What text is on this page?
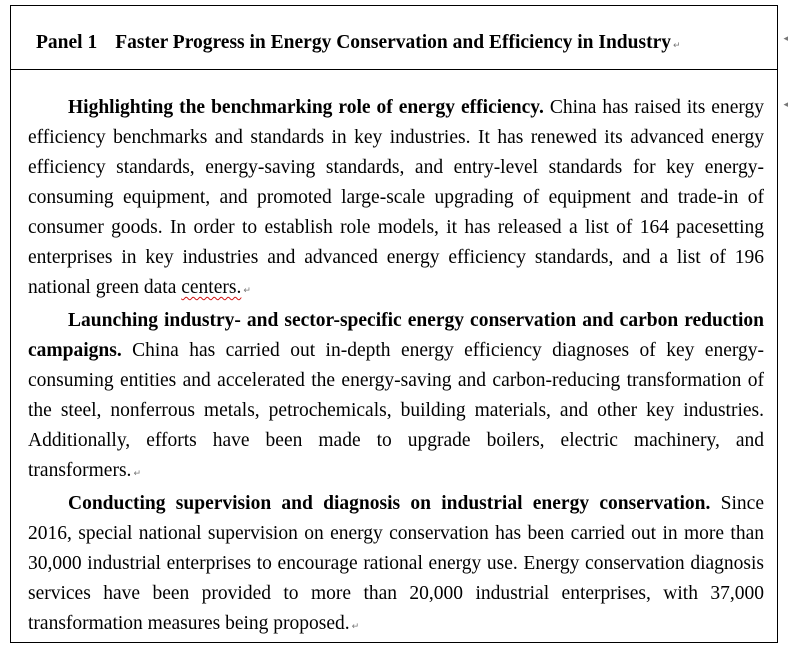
Panel 1 Faster Progress in Energy Conservation and Efficiency in Industry ↵

Highlighting the benchmarking role of energy efficiency. China has raised its energy efficiency benchmarks and standards in key industries. It has renewed its advanced energy efficiency standards, energy-saving standards, and entry-level standards for key energy-consuming equipment, and promoted large-scale upgrading of equipment and trade-in of consumer goods. In order to establish role models, it has released a list of 164 pacesetting enterprises in key industries and advanced energy efficiency standards, and a list of 196 national green data centers. ↵

Launching industry- and sector-specific energy conservation and carbon reduction campaigns. China has carried out in-depth energy efficiency diagnoses of key energy-consuming entities and accelerated the energy-saving and carbon-reducing transformation of the steel, nonferrous metals, petrochemicals, building materials, and other key industries. Additionally, efforts have been made to upgrade boilers, electric machinery, and transformers. ↵

Conducting supervision and diagnosis on industrial energy conservation. Since 2016, special national supervision on energy conservation has been carried out in more than 30,000 industrial enterprises to encourage rational energy use. Energy conservation diagnosis services have been provided to more than 20,000 industrial enterprises, with 37,000 transformation measures being proposed. ↵

◂
◂
